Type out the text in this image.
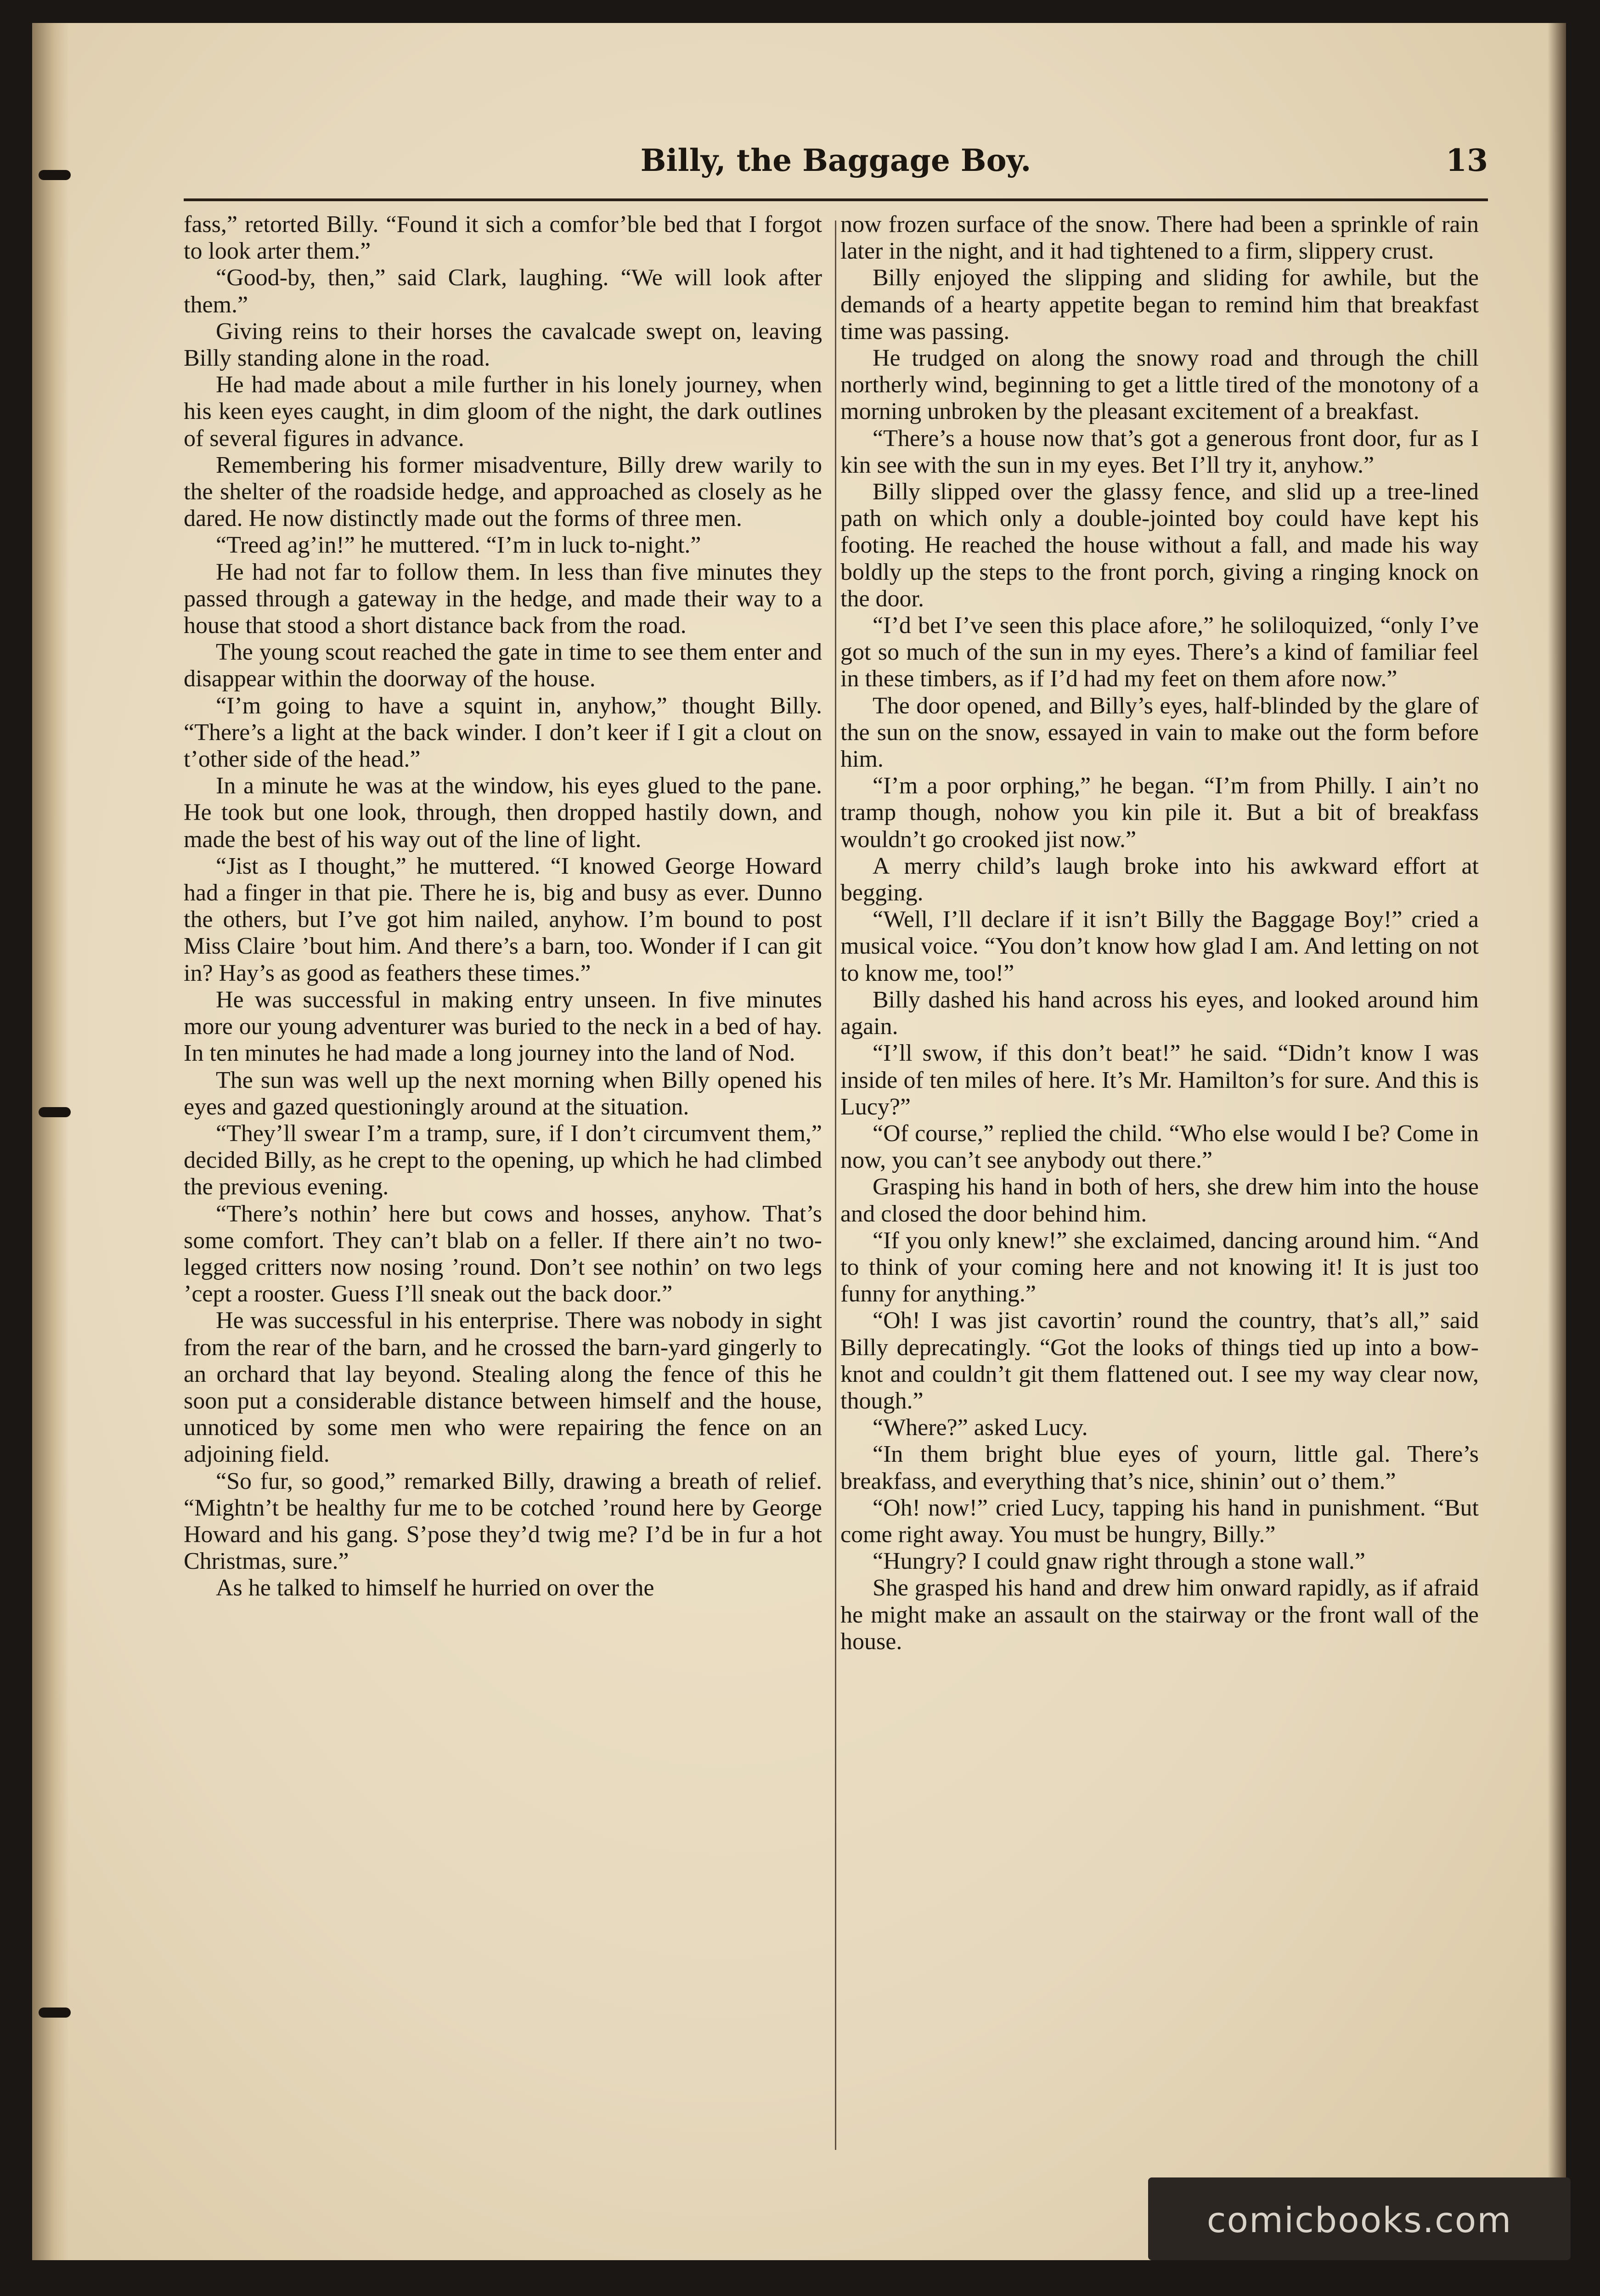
Billy, the Baggage Boy.	13

fass,” retorted Billy. “Found it sich a comfor’ble bed that I forgot to look arter them.”

“Good-by, then,” said Clark, laughing. “We will look after them.”

Giving reins to their horses the cavalcade swept on, leaving Billy standing alone in the road.

He had made about a mile further in his lonely journey, when his keen eyes caught, in dim gloom of the night, the dark outlines of several figures in advance.

Remembering his former misadventure, Billy drew warily to the shelter of the roadside hedge, and approached as closely as he dared. He now distinctly made out the forms of three men.

“Treed ag’in!” he muttered. “I’m in luck to-night.”

He had not far to follow them. In less than five minutes they passed through a gateway in the hedge, and made their way to a house that stood a short distance back from the road.

The young scout reached the gate in time to see them enter and disappear within the doorway of the house.

“I’m going to have a squint in, anyhow,” thought Billy. “There’s a light at the back winder. I don’t keer if I git a clout on t’other side of the head.”

In a minute he was at the window, his eyes glued to the pane. He took but one look, through, then dropped hastily down, and made the best of his way out of the line of light.

“Jist as I thought,” he muttered. “I knowed George Howard had a finger in that pie. There he is, big and busy as ever. Dunno the others, but I’ve got him nailed, anyhow. I’m bound to post Miss Claire ’bout him. And there’s a barn, too. Wonder if I can git in? Hay’s as good as feathers these times.”

He was successful in making entry unseen. In five minutes more our young adventurer was buried to the neck in a bed of hay. In ten minutes he had made a long journey into the land of Nod.

The sun was well up the next morning when Billy opened his eyes and gazed questioningly around at the situation.

“They’ll swear I’m a tramp, sure, if I don’t circumvent them,” decided Billy, as he crept to the opening, up which he had climbed the previous evening.

“There’s nothin’ here but cows and hosses, anyhow. That’s some comfort. They can’t blab on a feller. If there ain’t no two-legged critters now nosing ’round. Don’t see nothin’ on two legs ’cept a rooster. Guess I’ll sneak out the back door.”

He was successful in his enterprise. There was nobody in sight from the rear of the barn, and he crossed the barn-yard gingerly to an orchard that lay beyond. Stealing along the fence of this he soon put a considerable distance between himself and the house, unnoticed by some men who were repairing the fence on an adjoining field.

“So fur, so good,” remarked Billy, drawing a breath of relief. “Mightn’t be healthy fur me to be cotched ’round here by George Howard and his gang. S’pose they’d twig me? I’d be in fur a hot Christmas, sure.”

As he talked to himself he hurried on over the

now frozen surface of the snow. There had been a sprinkle of rain later in the night, and it had tightened to a firm, slippery crust.

Billy enjoyed the slipping and sliding for awhile, but the demands of a hearty appetite began to remind him that breakfast time was passing.

He trudged on along the snowy road and through the chill northerly wind, beginning to get a little tired of the monotony of a morning unbroken by the pleasant excitement of a breakfast.

“There’s a house now that’s got a generous front door, fur as I kin see with the sun in my eyes. Bet I’ll try it, anyhow.”

Billy slipped over the glassy fence, and slid up a tree-lined path on which only a double-jointed boy could have kept his footing. He reached the house without a fall, and made his way boldly up the steps to the front porch, giving a ringing knock on the door.

“I’d bet I’ve seen this place afore,” he soliloquized, “only I’ve got so much of the sun in my eyes. There’s a kind of familiar feel in these timbers, as if I’d had my feet on them afore now.”

The door opened, and Billy’s eyes, half-blinded by the glare of the sun on the snow, essayed in vain to make out the form before him.

“I’m a poor orphing,” he began. “I’m from Philly. I ain’t no tramp though, nohow you kin pile it. But a bit of breakfass wouldn’t go crooked jist now.”

A merry child’s laugh broke into his awkward effort at begging.

“Well, I’ll declare if it isn’t Billy the Baggage Boy!” cried a musical voice. “You don’t know how glad I am. And letting on not to know me, too!”

Billy dashed his hand across his eyes, and looked around him again.

“I’ll swow, if this don’t beat!” he said. “Didn’t know I was inside of ten miles of here. It’s Mr. Hamilton’s for sure. And this is Lucy?”

“Of course,” replied the child. “Who else would I be? Come in now, you can’t see anybody out there.”

Grasping his hand in both of hers, she drew him into the house and closed the door behind him.

“If you only knew!” she exclaimed, dancing around him. “And to think of your coming here and not knowing it! It is just too funny for anything.”

“Oh! I was jist cavortin’ round the country, that’s all,” said Billy deprecatingly. “Got the looks of things tied up into a bow-knot and couldn’t git them flattened out. I see my way clear now, though.”

“Where?” asked Lucy.

“In them bright blue eyes of yourn, little gal. There’s breakfass, and everything that’s nice, shinin’ out o’ them.”

“Oh! now!” cried Lucy, tapping his hand in punishment. “But come right away. You must be hungry, Billy.”

“Hungry? I could gnaw right through a stone wall.”

She grasped his hand and drew him onward rapidly, as if afraid he might make an assault on the stairway or the front wall of the house.

comicbooks.com
